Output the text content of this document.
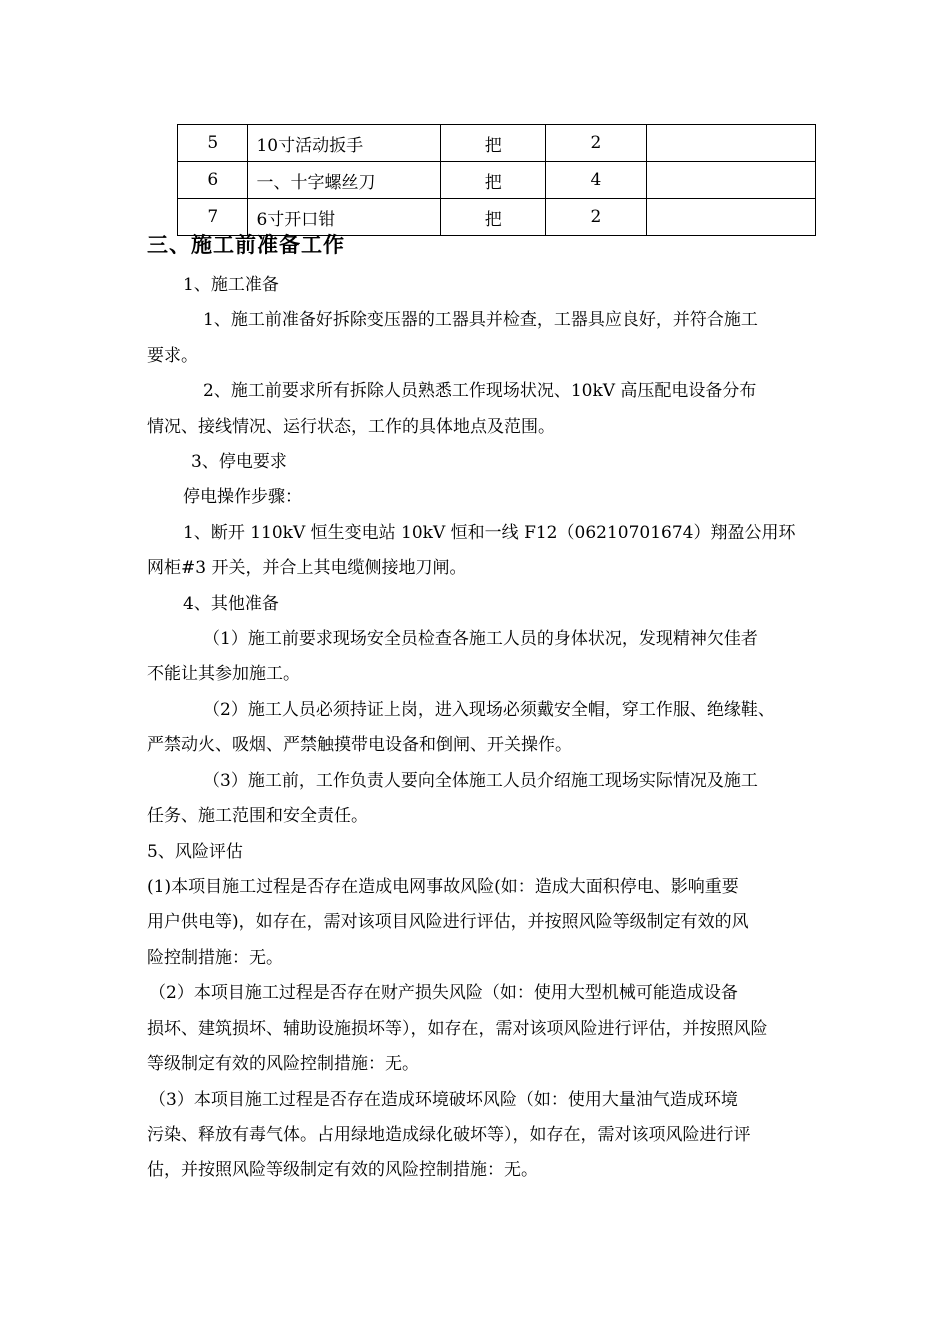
5	10寸活动扳手	把	2	
6	一、十字螺丝刀	把	4	
7	6寸开口钳	把	2	
三、施工前准备工作
1、施工准备
1、施工前准备好拆除变压器的工器具并检查，工器具应良好，并符合施工
要求。
2、施工前要求所有拆除人员熟悉工作现场状况、10kV 高压配电设备分布
情况、接线情况、运行状态，工作的具体地点及范围。
3、停电要求
停电操作步骤：
1、断开 110kV 恒生变电站 10kV 恒和一线 F12（06210701674）翔盈公用环
网柜#3 开关，并合上其电缆侧接地刀闸。
4、其他准备
（1）施工前要求现场安全员检查各施工人员的身体状况，发现精神欠佳者
不能让其参加施工。
（2）施工人员必须持证上岗，进入现场必须戴安全帽，穿工作服、绝缘鞋、
严禁动火、吸烟、严禁触摸带电设备和倒闸、开关操作。
（3）施工前，工作负责人要向全体施工人员介绍施工现场实际情况及施工
任务、施工范围和安全责任。
5、风险评估
(1)本项目施工过程是否存在造成电网事故风险(如：造成大面积停电、影响重要
用户供电等)，如存在，需对该项目风险进行评估，并按照风险等级制定有效的风
险控制措施：无。
（2）本项目施工过程是否存在财产损失风险（如：使用大型机械可能造成设备
损坏、建筑损坏、辅助设施损坏等），如存在，需对该项风险进行评估，并按照风险
等级制定有效的风险控制措施：无。
（3）本项目施工过程是否存在造成环境破坏风险（如：使用大量油气造成环境
污染、释放有毒气体。占用绿地造成绿化破坏等），如存在，需对该项风险进行评
估，并按照风险等级制定有效的风险控制措施：无。
